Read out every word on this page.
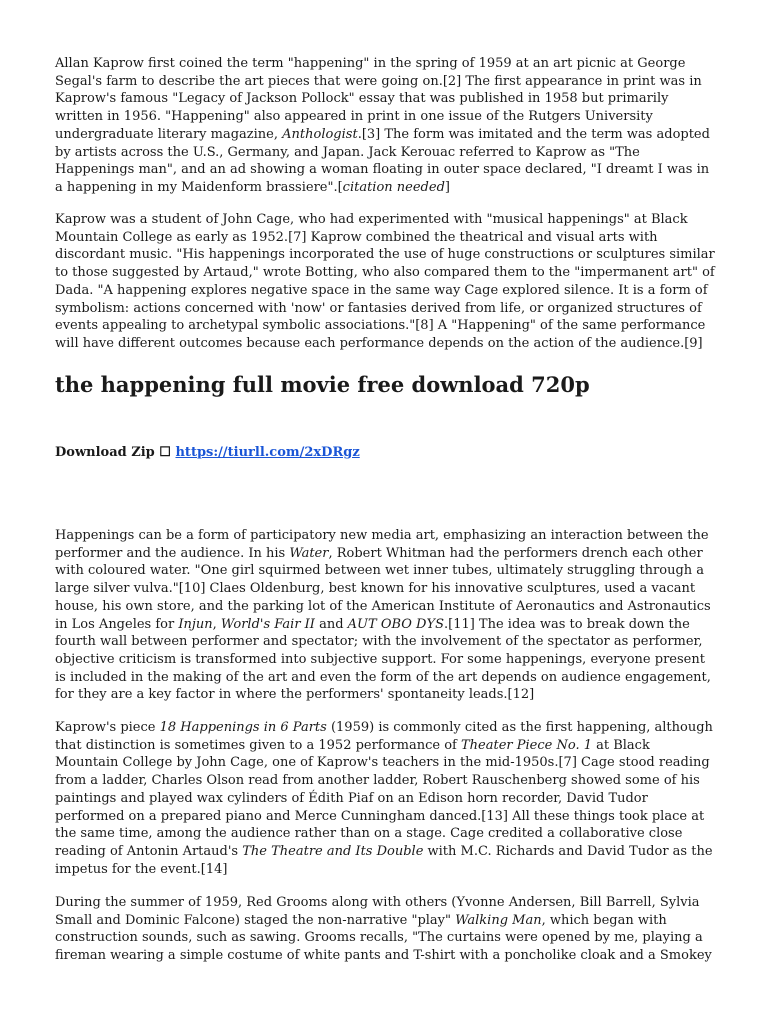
Allan Kaprow first coined the term "happening" in the spring of 1959 at an art picnic at George Segal's farm to describe the art pieces that were going on.[2] The first appearance in print was in Kaprow's famous "Legacy of Jackson Pollock" essay that was published in 1958 but primarily written in 1956. "Happening" also appeared in print in one issue of the Rutgers University undergraduate literary magazine, Anthologist.[3] The form was imitated and the term was adopted by artists across the U.S., Germany, and Japan. Jack Kerouac referred to Kaprow as "The Happenings man", and an ad showing a woman floating in outer space declared, "I dreamt I was in a happening in my Maidenform brassiere".[citation needed]

Kaprow was a student of John Cage, who had experimented with "musical happenings" at Black Mountain College as early as 1952.[7] Kaprow combined the theatrical and visual arts with discordant music. "His happenings incorporated the use of huge constructions or sculptures similar to those suggested by Artaud," wrote Botting, who also compared them to the "impermanent art" of Dada. "A happening explores negative space in the same way Cage explored silence. It is a form of symbolism: actions concerned with 'now' or fantasies derived from life, or organized structures of events appealing to archetypal symbolic associations."[8] A "Happening" of the same performance will have different outcomes because each performance depends on the action of the audience.[9]

the happening full movie free download 720p
Download Zip ☐ https://tiurll.com/2xDRgz

Happenings can be a form of participatory new media art, emphasizing an interaction between the performer and the audience. In his Water, Robert Whitman had the performers drench each other with coloured water. "One girl squirmed between wet inner tubes, ultimately struggling through a large silver vulva."[10] Claes Oldenburg, best known for his innovative sculptures, used a vacant house, his own store, and the parking lot of the American Institute of Aeronautics and Astronautics in Los Angeles for Injun, World's Fair II and AUT OBO DYS.[11] The idea was to break down the fourth wall between performer and spectator; with the involvement of the spectator as performer, objective criticism is transformed into subjective support. For some happenings, everyone present is included in the making of the art and even the form of the art depends on audience engagement, for they are a key factor in where the performers' spontaneity leads.[12]

Kaprow's piece 18 Happenings in 6 Parts (1959) is commonly cited as the first happening, although that distinction is sometimes given to a 1952 performance of Theater Piece No. 1 at Black Mountain College by John Cage, one of Kaprow's teachers in the mid-1950s.[7] Cage stood reading from a ladder, Charles Olson read from another ladder, Robert Rauschenberg showed some of his paintings and played wax cylinders of Édith Piaf on an Edison horn recorder, David Tudor performed on a prepared piano and Merce Cunningham danced.[13] All these things took place at the same time, among the audience rather than on a stage. Cage credited a collaborative close reading of Antonin Artaud's The Theatre and Its Double with M.C. Richards and David Tudor as the impetus for the event.[14]

During the summer of 1959, Red Grooms along with others (Yvonne Andersen, Bill Barrell, Sylvia Small and Dominic Falcone) staged the non-narrative "play" Walking Man, which began with construction sounds, such as sawing. Grooms recalls, "The curtains were opened by me, playing a fireman wearing a simple costume of white pants and T-shirt with a poncholike cloak and a Smokey
